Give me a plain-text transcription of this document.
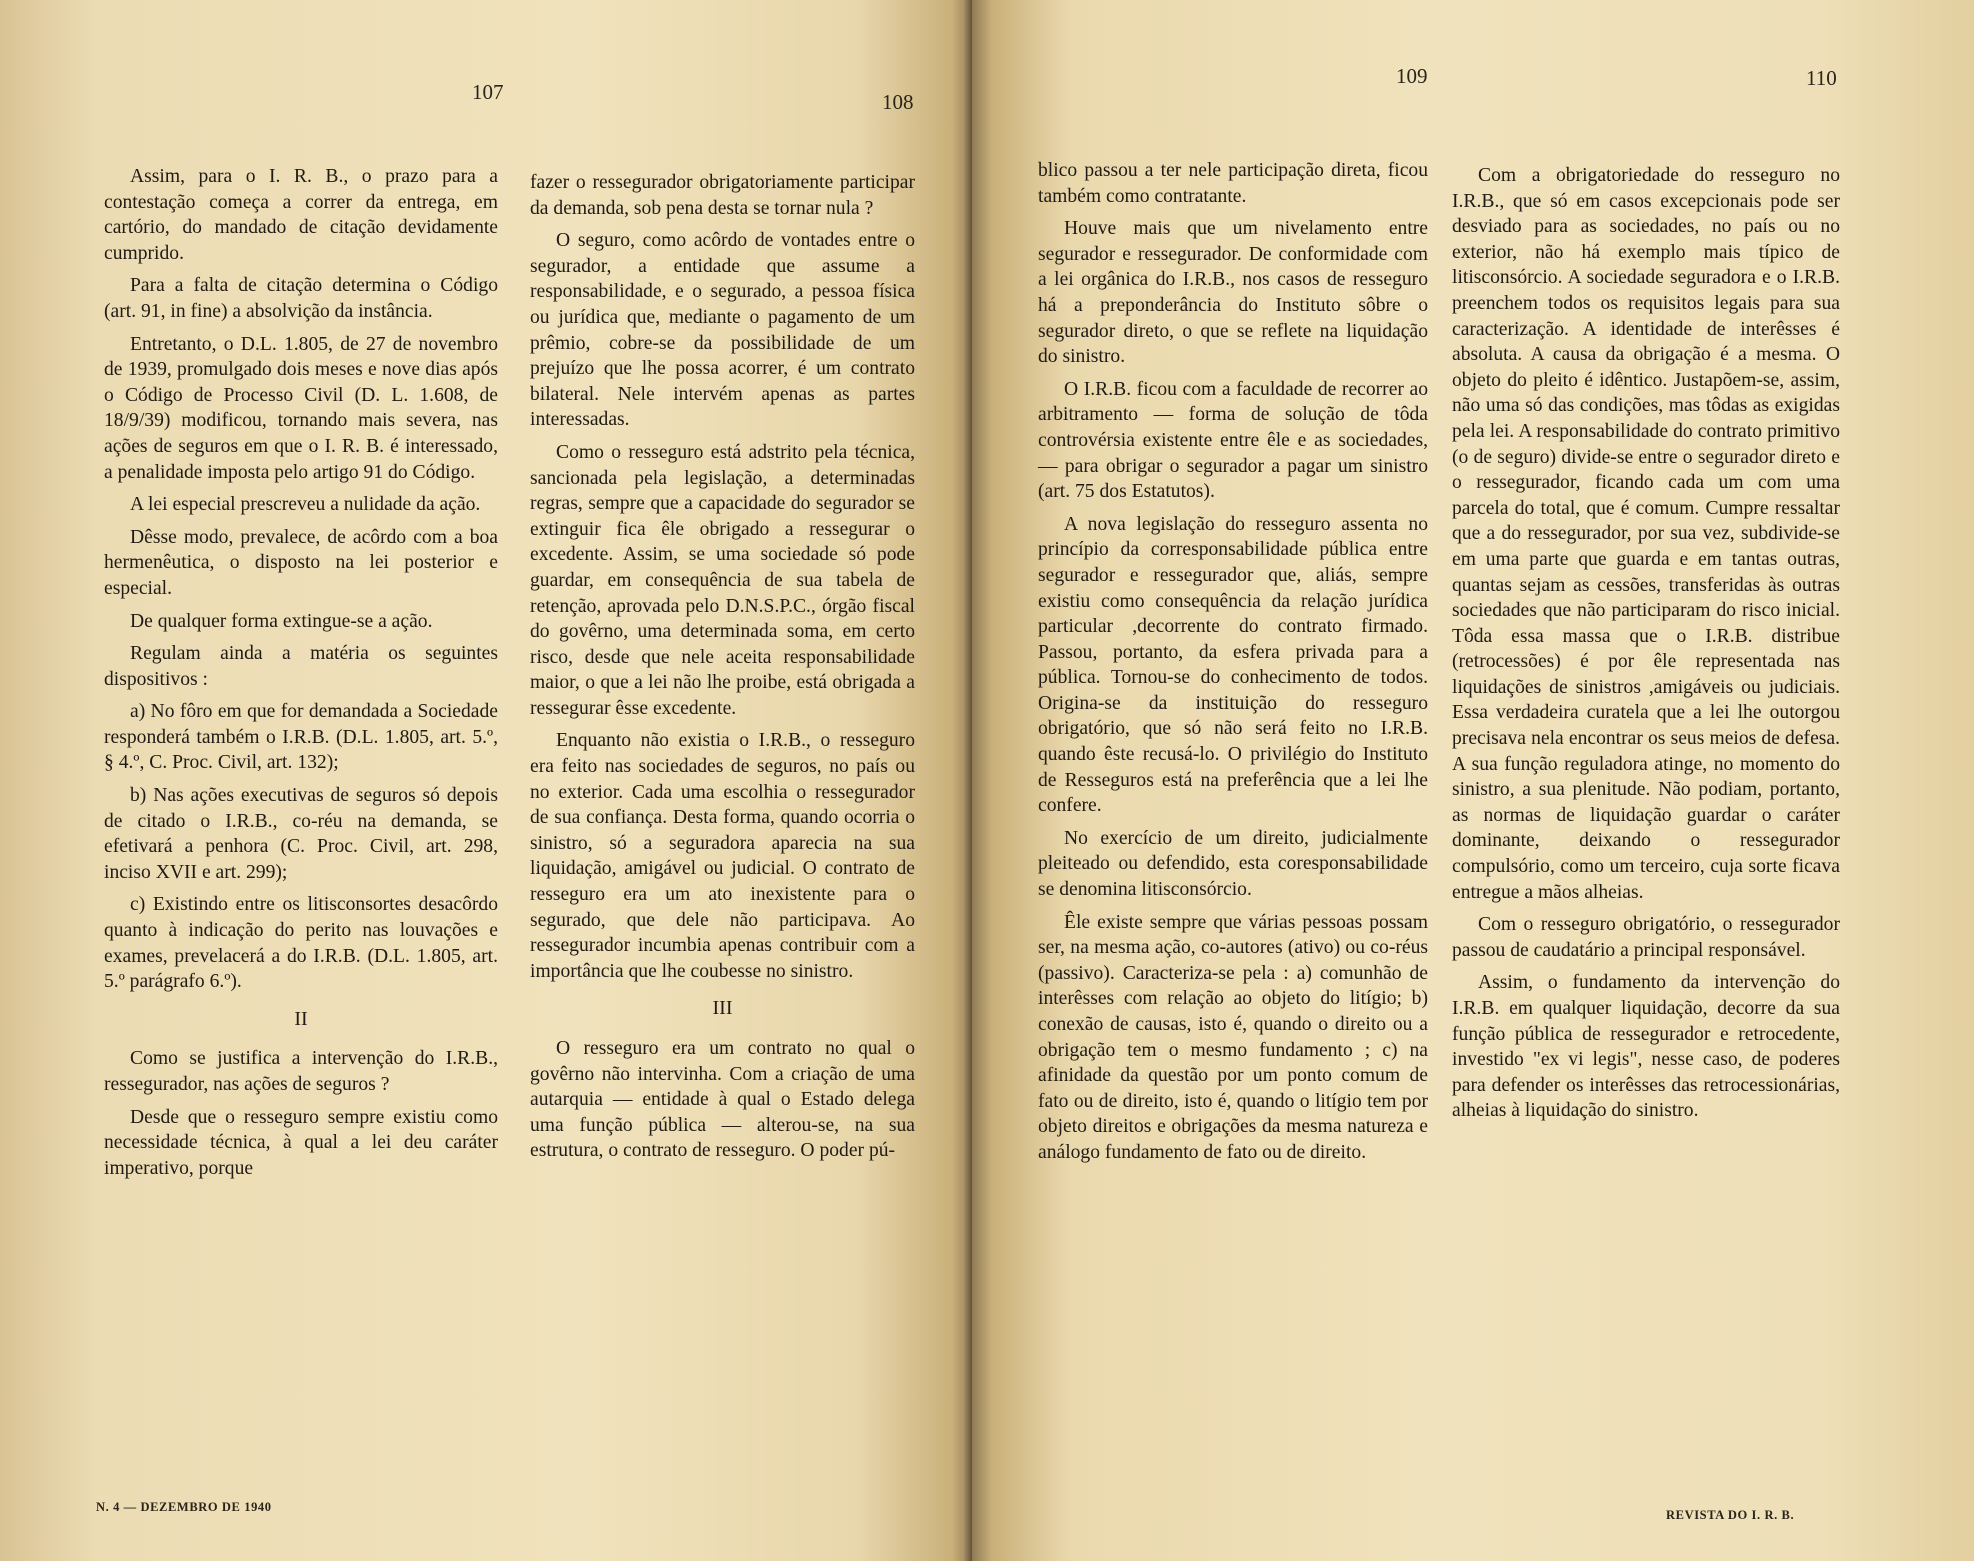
107	108

Assim, para o I. R. B., o prazo para a contestação começa a correr da entrega, em cartório, do mandado de citação devidamente cumprido.

Para a falta de citação determina o Código (art. 91, in fine) a absolvição da instância.

Entretanto, o D.L. 1.805, de 27 de novembro de 1939, promulgado dois meses e nove dias após o Código de Processo Civil (D. L. 1.608, de 18/9/39) modificou, tornando mais severa, nas ações de seguros em que o I. R. B. é interessado, a penalidade imposta pelo artigo 91 do Código.

A lei especial prescreveu a nulidade da ação.

Dêsse modo, prevalece, de acôrdo com a boa hermenêutica, o disposto na lei posterior e especial.

De qualquer forma extingue-se a ação.

Regulam ainda a matéria os seguintes dispositivos :

a) No fôro em que for demandada a Sociedade responderá também o I.R.B. (D.L. 1.805, art. 5.º, § 4.º, C. Proc. Civil, art. 132);

b) Nas ações executivas de seguros só depois de citado o I.R.B., co-réu na demanda, se efetivará a penhora (C. Proc. Civil, art. 298, inciso XVII e art. 299);

c) Existindo entre os litisconsortes desacôrdo quanto à indicação do perito nas louvações e exames, prevelacerá a do I.R.B. (D.L. 1.805, art. 5.º parágrafo 6.º).

II

Como se justifica a intervenção do I.R.B., ressegurador, nas ações de seguros ?

Desde que o resseguro sempre existiu como necessidade técnica, à qual a lei deu caráter imperativo, porque

fazer o ressegurador obrigatoriamente participar da demanda, sob pena desta se tornar nula ?

O seguro, como acôrdo de vontades entre o segurador, a entidade que assume a responsabilidade, e o segurado, a pessoa física ou jurídica que, mediante o pagamento de um prêmio, cobre-se da possibilidade de um prejuízo que lhe possa acorrer, é um contrato bilateral. Nele intervém apenas as partes interessadas.

Como o resseguro está adstrito pela técnica, sancionada pela legislação, a determinadas regras, sempre que a capacidade do segurador se extinguir fica êle obrigado a ressegurar o excedente. Assim, se uma sociedade só pode guardar, em consequência de sua tabela de retenção, aprovada pelo D.N.S.P.C., órgão fiscal do govêrno, uma determinada soma, em certo risco, desde que nele aceita responsabilidade maior, o que a lei não lhe proibe, está obrigada a ressegurar êsse excedente.

Enquanto não existia o I.R.B., o resseguro era feito nas sociedades de seguros, no país ou no exterior. Cada uma escolhia o ressegurador de sua confiança. Desta forma, quando ocorria o sinistro, só a seguradora aparecia na sua liquidação, amigável ou judicial. O contrato de resseguro era um ato inexistente para o segurado, que dele não participava. Ao ressegurador incumbia apenas contribuir com a importância que lhe coubesse no sinistro.

III

O resseguro era um contrato no qual o govêrno não intervinha. Com a criação de uma autarquia — entidade à qual o Estado delega uma função pública — alterou-se, na sua estrutura, o contrato de resseguro. O poder pú-

N. 4 — DEZEMBRO DE 1940
109	110

blico passou a ter nele participação direta, ficou também como contratante.

Houve mais que um nivelamento entre segurador e ressegurador. De conformidade com a lei orgânica do I.R.B., nos casos de resseguro há a preponderância do Instituto sôbre o segurador direto, o que se reflete na liquidação do sinistro.

O I.R.B. ficou com a faculdade de recorrer ao arbitramento — forma de solução de tôda controvérsia existente entre êle e as sociedades, — para obrigar o segurador a pagar um sinistro (art. 75 dos Estatutos).

A nova legislação do resseguro assenta no princípio da corresponsabilidade pública entre segurador e ressegurador que, aliás, sempre existiu como consequência da relação jurídica particular ,decorrente do contrato firmado. Passou, portanto, da esfera privada para a pública. Tornou-se do conhecimento de todos. Origina-se da instituição do resseguro obrigatório, que só não será feito no I.R.B. quando êste recusá-lo. O privilégio do Instituto de Resseguros está na preferência que a lei lhe confere.

No exercício de um direito, judicialmente pleiteado ou defendido, esta coresponsabilidade se denomina litisconsórcio.

Êle existe sempre que várias pessoas possam ser, na mesma ação, co-autores (ativo) ou co-réus (passivo). Caracteriza-se pela : a) comunhão de interêsses com relação ao objeto do litígio; b) conexão de causas, isto é, quando o direito ou a obrigação tem o mesmo fundamento ; c) na afinidade da questão por um ponto comum de fato ou de direito, isto é, quando o litígio tem por objeto direitos e obrigações da mesma natureza e análogo fundamento de fato ou de direito.

Com a obrigatoriedade do resseguro no I.R.B., que só em casos excepcionais pode ser desviado para as sociedades, no país ou no exterior, não há exemplo mais típico de litisconsórcio. A sociedade seguradora e o I.R.B. preenchem todos os requisitos legais para sua caracterização. A identidade de interêsses é absoluta. A causa da obrigação é a mesma. O objeto do pleito é idêntico. Justapõem-se, assim, não uma só das condições, mas tôdas as exigidas pela lei. A responsabilidade do contrato primitivo (o de seguro) divide-se entre o segurador direto e o ressegurador, ficando cada um com uma parcela do total, que é comum. Cumpre ressaltar que a do ressegurador, por sua vez, subdivide-se em uma parte que guarda e em tantas outras, quantas sejam as cessões, transferidas às outras sociedades que não participaram do risco inicial. Tôda essa massa que o I.R.B. distribue (retrocessões) é por êle representada nas liquidações de sinistros ,amigáveis ou judiciais. Essa verdadeira curatela que a lei lhe outorgou precisava nela encontrar os seus meios de defesa. A sua função reguladora atinge, no momento do sinistro, a sua plenitude. Não podiam, portanto, as normas de liquidação guardar o caráter dominante, deixando o ressegurador compulsório, como um terceiro, cuja sorte ficava entregue a mãos alheias.

Com o resseguro obrigatório, o ressegurador passou de caudatário a principal responsável.

Assim, o fundamento da intervenção do I.R.B. em qualquer liquidação, decorre da sua função pública de ressegurador e retrocedente, investido "ex vi legis", nesse caso, de poderes para defender os interêsses das retrocessionárias, alheias à liquidação do sinistro.

REVISTA DO I. R. B.
